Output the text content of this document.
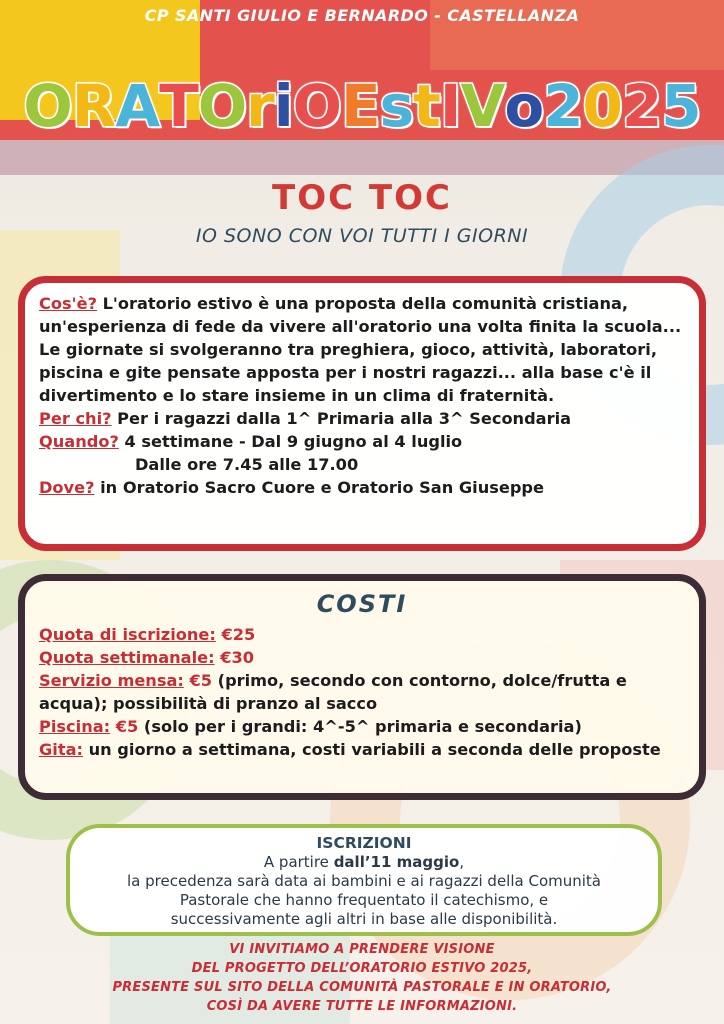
CP SANTI GIULIO E BERNARDO - CASTELLANZA
ORATOriOEstIVo2025
TOC TOC
IO SONO CON VOI TUTTI I GIORNI
Cos'è? L'oratorio estivo è una proposta della comunità cristiana, un'esperienza di fede da vivere all'oratorio una volta finita la scuola...
Le giornate si svolgeranno tra preghiera, gioco, attività, laboratori, piscina e gite pensate apposta per i nostri ragazzi... alla base c'è il divertimento e lo stare insieme in un clima di fraternità.
Per chi? Per i ragazzi dalla 1^ Primaria alla 3^ Secondaria
Quando? 4 settimane - Dal 9 giugno al 4 luglio
Dalle ore 7.45 alle 17.00
Dove? in Oratorio Sacro Cuore e Oratorio San Giuseppe
COSTI
Quota di iscrizione: €25
Quota settimanale: €30
Servizio mensa: €5 (primo, secondo con contorno, dolce/frutta e acqua); possibilità di pranzo al sacco
Piscina: €5 (solo per i grandi: 4^-5^ primaria e secondaria)
Gita: un giorno a settimana, costi variabili a seconda delle proposte
ISCRIZIONI
A partire dall’11 maggio,
la precedenza sarà data ai bambini e ai ragazzi della Comunità
Pastorale che hanno frequentato il catechismo, e
successivamente agli altri in base alle disponibilità.
VI INVITIAMO A PRENDERE VISIONE
DEL PROGETTO DELL’ORATORIO ESTIVO 2025,
PRESENTE SUL SITO DELLA COMUNITÀ PASTORALE E IN ORATORIO,
COSÌ DA AVERE TUTTE LE INFORMAZIONI.
